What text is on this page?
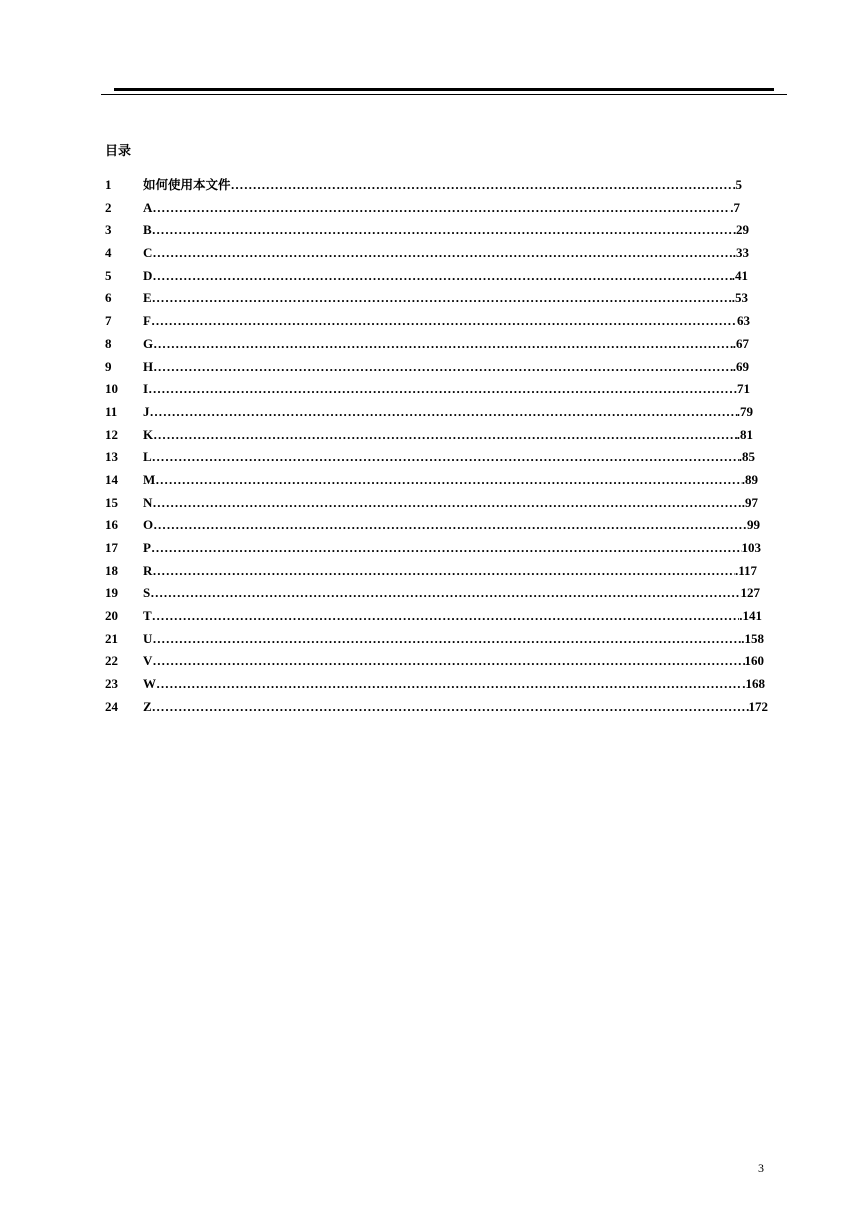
目录
1	如何使用本文件 …………………………………………………………………………………………………………………………………………………………………………	5
2 A …………………………………………………………………………………………………………………………………………………………………………	.7
3 B …………………………………………………………………………………………………………………………………………………………………………	29
4 C …………………………………………………………………………………………………………………………………………………………………………	.33
5 D …………………………………………………………………………………………………………………………………………………………………………	.41
6 E …………………………………………………………………………………………………………………………………………………………………………	.53
7 F …………………………………………………………………………………………………………………………………………………………………………	63
8 G …………………………………………………………………………………………………………………………………………………………………………	.67
9 H …………………………………………………………………………………………………………………………………………………………………………	.69
10 I …………………………………………………………………………………………………………………………………………………………………………	71
11 J …………………………………………………………………………………………………………………………………………………………………………	.79
12 K …………………………………………………………………………………………………………………………………………………………………………	.81
13 L …………………………………………………………………………………………………………………………………………………………………………	.85
14 M …………………………………………………………………………………………………………………………………………………………………………	.89
15 N …………………………………………………………………………………………………………………………………………………………………………	.97
16 O …………………………………………………………………………………………………………………………………………………………………………	99
17 P …………………………………………………………………………………………………………………………………………………………………………	103
18 R …………………………………………………………………………………………………………………………………………………………………………	.117
19 S …………………………………………………………………………………………………………………………………………………………………………	127
20 T …………………………………………………………………………………………………………………………………………………………………………	.141
21 U …………………………………………………………………………………………………………………………………………………………………………	.158
22 V …………………………………………………………………………………………………………………………………………………………………………	160
23 W …………………………………………………………………………………………………………………………………………………………………………	.168
24 Z …………………………………………………………………………………………………………………………………………………………………………	172
3
